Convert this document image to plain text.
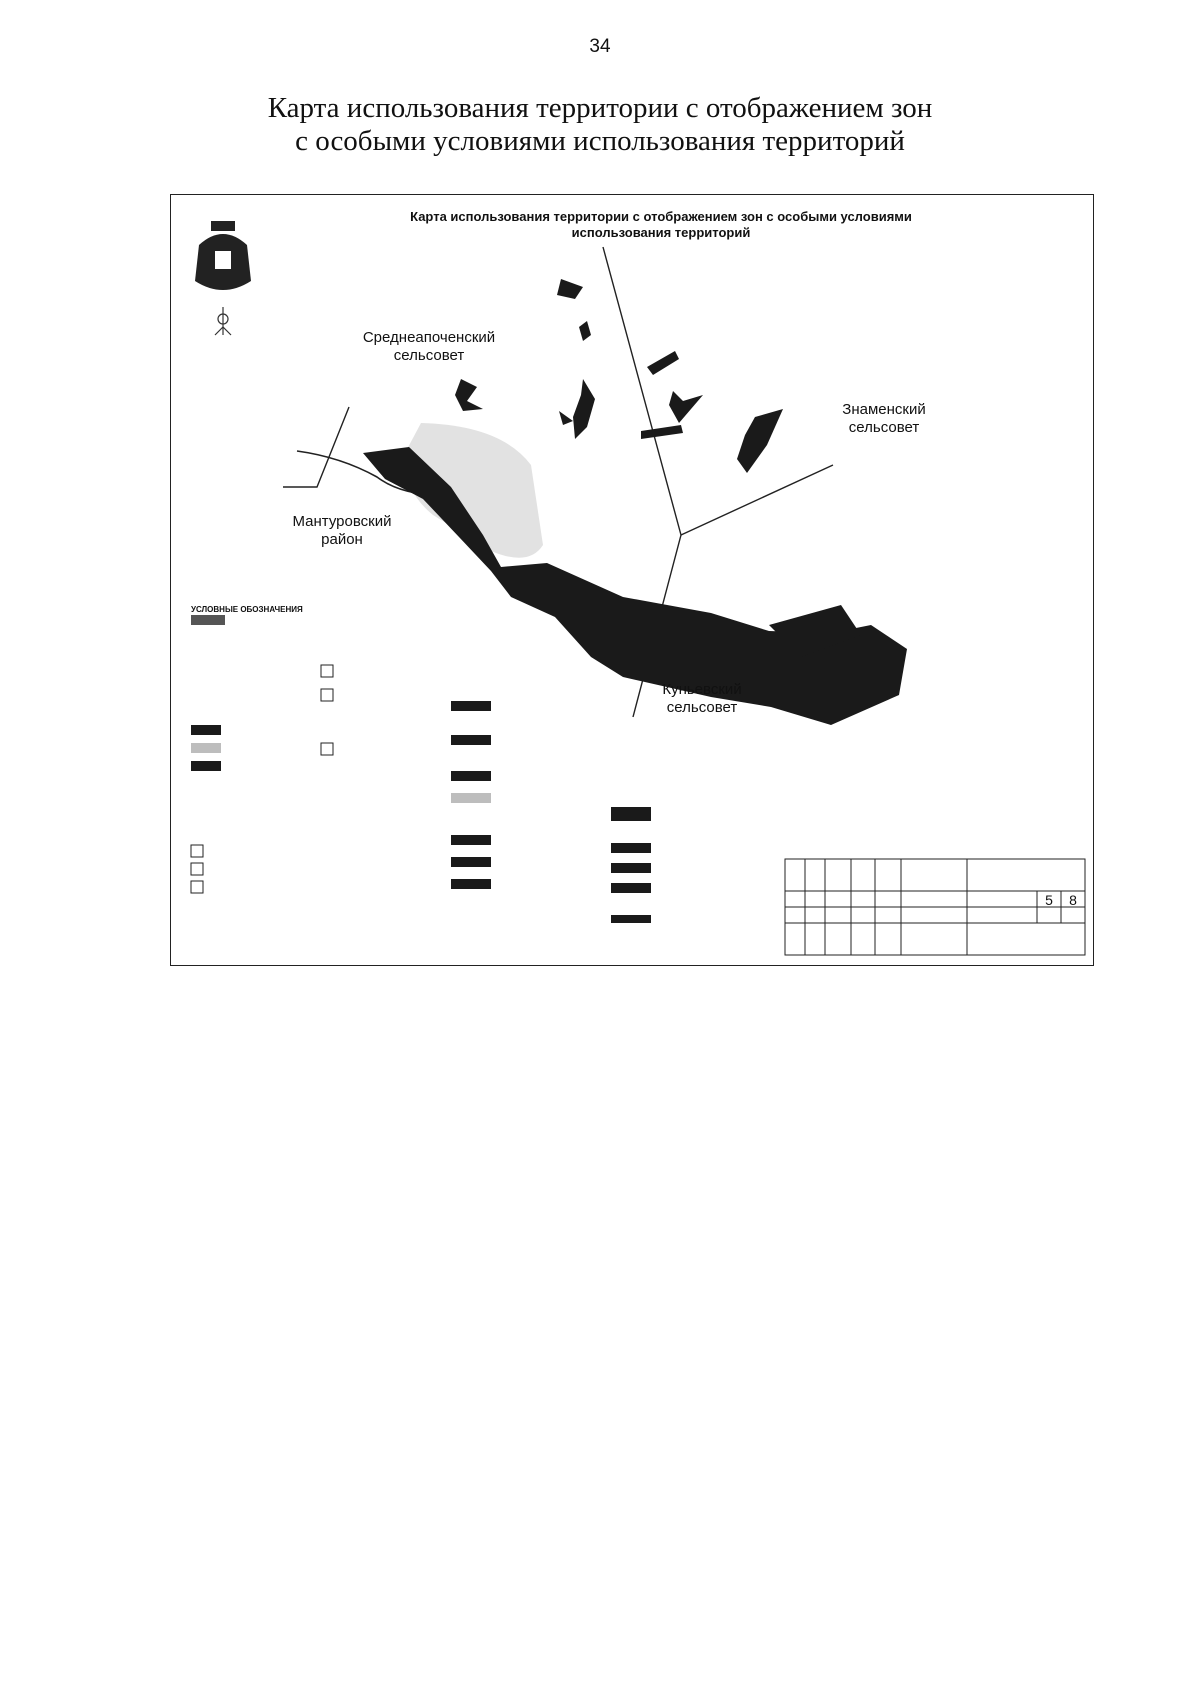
34
Карта использования территории с отображением зон
с особыми условиями использования территорий
Карта использования территории с отображением зон с особыми условиями
использования территорий
Среднеапоченский
сельсовет
Знаменский
сельсовет
Мантуровский
район
Куньевский
сельсовет
УСЛОВНЫЕ ОБОЗНАЧЕНИЯ
5	8
